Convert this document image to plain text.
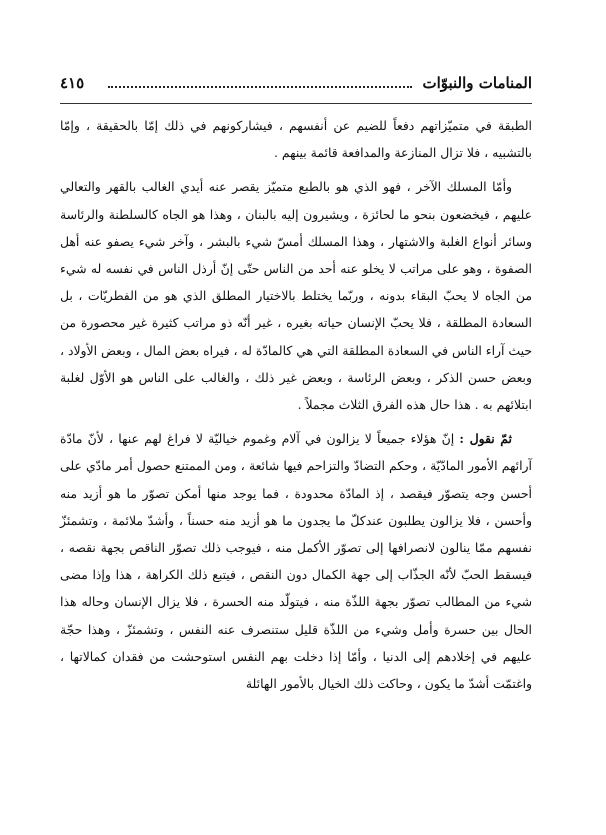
المنامات والنبوّات
٤١٥

الطبقة في متميّزاتهم دفعاً للضيم عن أنفسهم ، فيشاركونهم في ذلك إمّا بالحقيقة ، وإمّا بالتشبيه ، فلا تزال المنازعة والمدافعة قائمة بينهم .

وأمّا المسلك الآخر ، فهو الذي هو بالطبع متميّز يقصر عنه أيدي الغالب بالقهر والتعالي عليهم ، فيخضعون بنحو ما لحائزة ، ويشيرون إليه بالبنان ، وهذا هو الجاه كالسلطنة والرئاسة وسائر أنواع الغلبة والاشتهار ، وهذا المسلك أمسّ شيء بالبشر ، وآخر شيء يصفو عنه أهل الصفوة ، وهو على مراتب لا يخلو عنه أحد من الناس حتّى إنّ أرذل الناس في نفسه له شيء من الجاه لا يحبّ البقاء بدونه ، وربّما يختلط بالاختيار المطلق الذي هو من الفطريّات ، بل السعادة المطلقة ، فلا يحبّ الإنسان حياته بغيره ، غير أنّه ذو مراتب كثيرة غير محصورة من حيث آراء الناس في السعادة المطلقة التي هي كالمادّة له ، فيراه بعض المال ، وبعض الأولاد ، وبعض حسن الذكر ، وبعض الرئاسة ، وبعض غير ذلك ، والغالب على الناس هو الأوّل لغلبة ابتلائهم به . هذا حال هذه الفرق الثلاث مجملاً .

ثمّ نقول : إنّ هؤلاء جميعاً لا يزالون في آلام وغموم خياليّة لا فراغ لهم عنها ، لأنّ مادّة آرائهم الأمور المادّيّة ، وحكم التضادّ والتزاحم فيها شائعة ، ومن الممتنع حصول أمر مادّي على أحسن وجه يتصوّر فيقصد ، إذ المادّة محدودة ، فما يوجد منها أمكن تصوّر ما هو أزيد منه وأحسن ، فلا يزالون يطلبون عندكلّ ما يجدون ما هو أزيد منه حسناً ، وأشدّ ملائمة ، وتشمئزّ نفسهم ممّا ينالون لانصرافها إلى تصوّر الأكمل منه ، فيوجب ذلك تصوّر الناقص بجهة نقصه ، فيسقط الحبّ لأنّه الجذّاب إلى جهة الكمال دون النقص ، فيتبع ذلك الكراهة ، هذا وإذا مضى شيء من المطالب تصوّر بجهة اللذّة منه ، فيتولّد منه الحسرة ، فلا يزال الإنسان وحاله هذا الحال بين حسرة وأمل وشيء من اللذّة قليل ستنصرف عنه النفس ، وتشمئزّ ، وهذا حجّة عليهم في إخلادهم إلى الدنيا ، وأمّا إذا دخلت بهم النفس استوحشت من فقدان كمالاتها ، واغتمّت أشدّ ما يكون ، وحاكت ذلك الخيال بالأمور الهائلة
